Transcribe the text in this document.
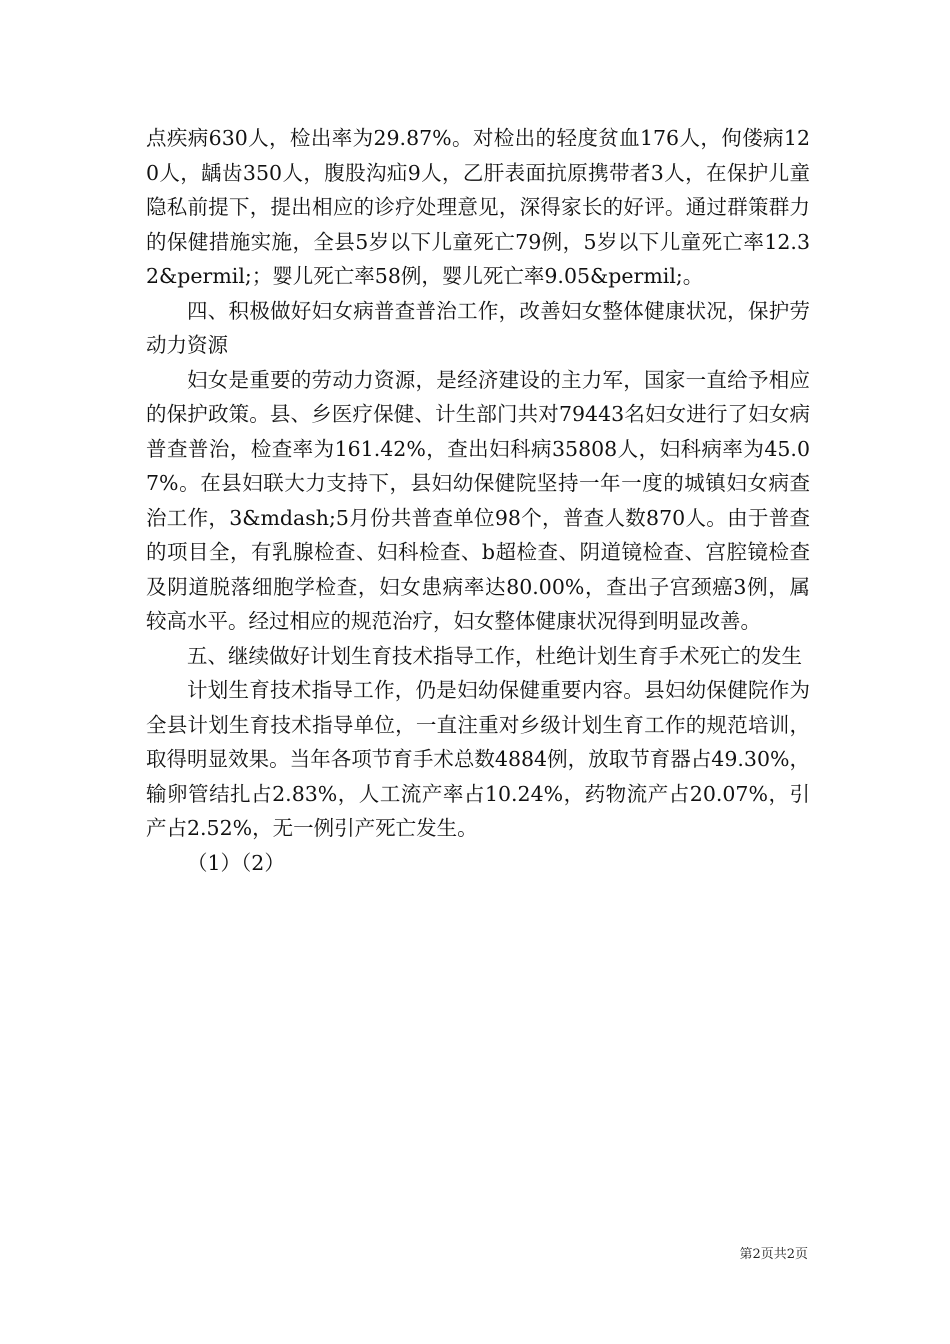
点疾病630人，检出率为29.87%。对检出的轻度贫血176人，佝偻病120人，龋齿350人，腹股沟疝9人，乙肝表面抗原携带者3人，在保护儿童隐私前提下，提出相应的诊疗处理意见，深得家长的好评。通过群策群力的保健措施实施，全县5岁以下儿童死亡79例，5岁以下儿童死亡率12.32&permil;；婴儿死亡率58例，婴儿死亡率9.05&permil;。

四、积极做好妇女病普查普治工作，改善妇女整体健康状况，保护劳动力资源

妇女是重要的劳动力资源，是经济建设的主力军，国家一直给予相应的保护政策。县、乡医疗保健、计生部门共对79443名妇女进行了妇女病普查普治，检查率为161.42%，查出妇科病35808人，妇科病率为45.07%。在县妇联大力支持下，县妇幼保健院坚持一年一度的城镇妇女病查治工作，3&mdash;5月份共普查单位98个，普查人数870人。由于普查的项目全，有乳腺检查、妇科检查、b超检查、阴道镜检查、宫腔镜检查及阴道脱落细胞学检查，妇女患病率达80.00%，查出子宫颈癌3例，属较高水平。经过相应的规范治疗，妇女整体健康状况得到明显改善。

五、继续做好计划生育技术指导工作，杜绝计划生育手术死亡的发生

计划生育技术指导工作，仍是妇幼保健重要内容。县妇幼保健院作为全县计划生育技术指导单位，一直注重对乡级计划生育工作的规范培训，取得明显效果。当年各项节育手术总数4884例，放取节育器占49.30%，输卵管结扎占2.83%，人工流产率占10.24%，药物流产占20.07%，引产占2.52%，无一例引产死亡发生。

（1）（2）

第2页共2页
